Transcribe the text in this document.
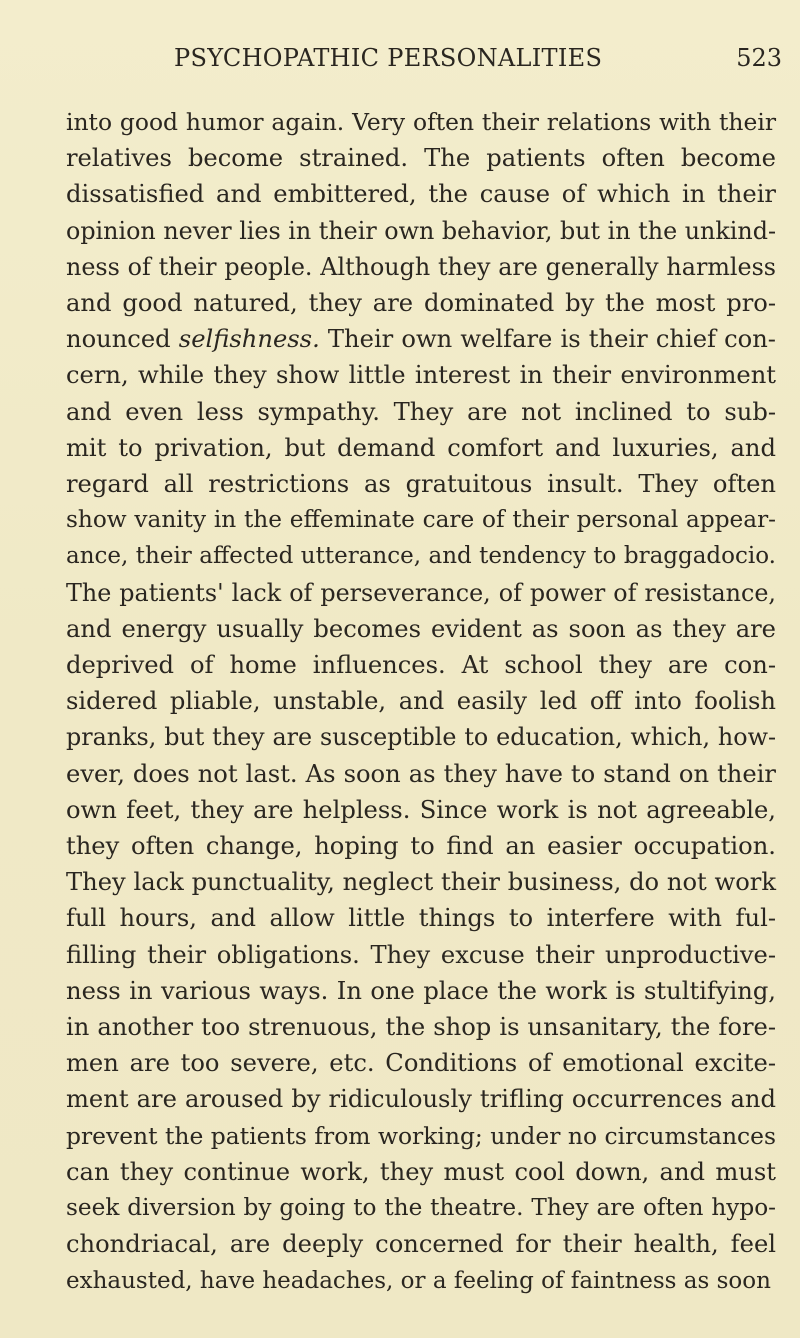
PSYCHOPATHIC PERSONALITIES	523
into good humor again. Very often their relations with their
relatives become strained. The patients often become
dissatisfied and embittered, the cause of which in their
opinion never lies in their own behavior, but in the unkind-
ness of their people. Although they are generally harmless
and good natured, they are dominated by the most pro-
nounced selfishness. Their own welfare is their chief con-
cern, while they show little interest in their environment
and even less sympathy. They are not inclined to sub-
mit to privation, but demand comfort and luxuries, and
regard all restrictions as gratuitous insult. They often
show vanity in the effeminate care of their personal appear-
ance, their affected utterance, and tendency to braggadocio.
The patients' lack of perseverance, of power of resistance,
and energy usually becomes evident as soon as they are
deprived of home influences. At school they are con-
sidered pliable, unstable, and easily led off into foolish
pranks, but they are susceptible to education, which, how-
ever, does not last. As soon as they have to stand on their
own feet, they are helpless. Since work is not agreeable,
they often change, hoping to find an easier occupation.
They lack punctuality, neglect their business, do not work
full hours, and allow little things to interfere with ful-
filling their obligations. They excuse their unproductive-
ness in various ways. In one place the work is stultifying,
in another too strenuous, the shop is unsanitary, the fore-
men are too severe, etc. Conditions of emotional excite-
ment are aroused by ridiculously trifling occurrences and
prevent the patients from working; under no circumstances
can they continue work, they must cool down, and must
seek diversion by going to the theatre. They are often hypo-
chondriacal, are deeply concerned for their health, feel
exhausted, have headaches, or a feeling of faintness as soon
